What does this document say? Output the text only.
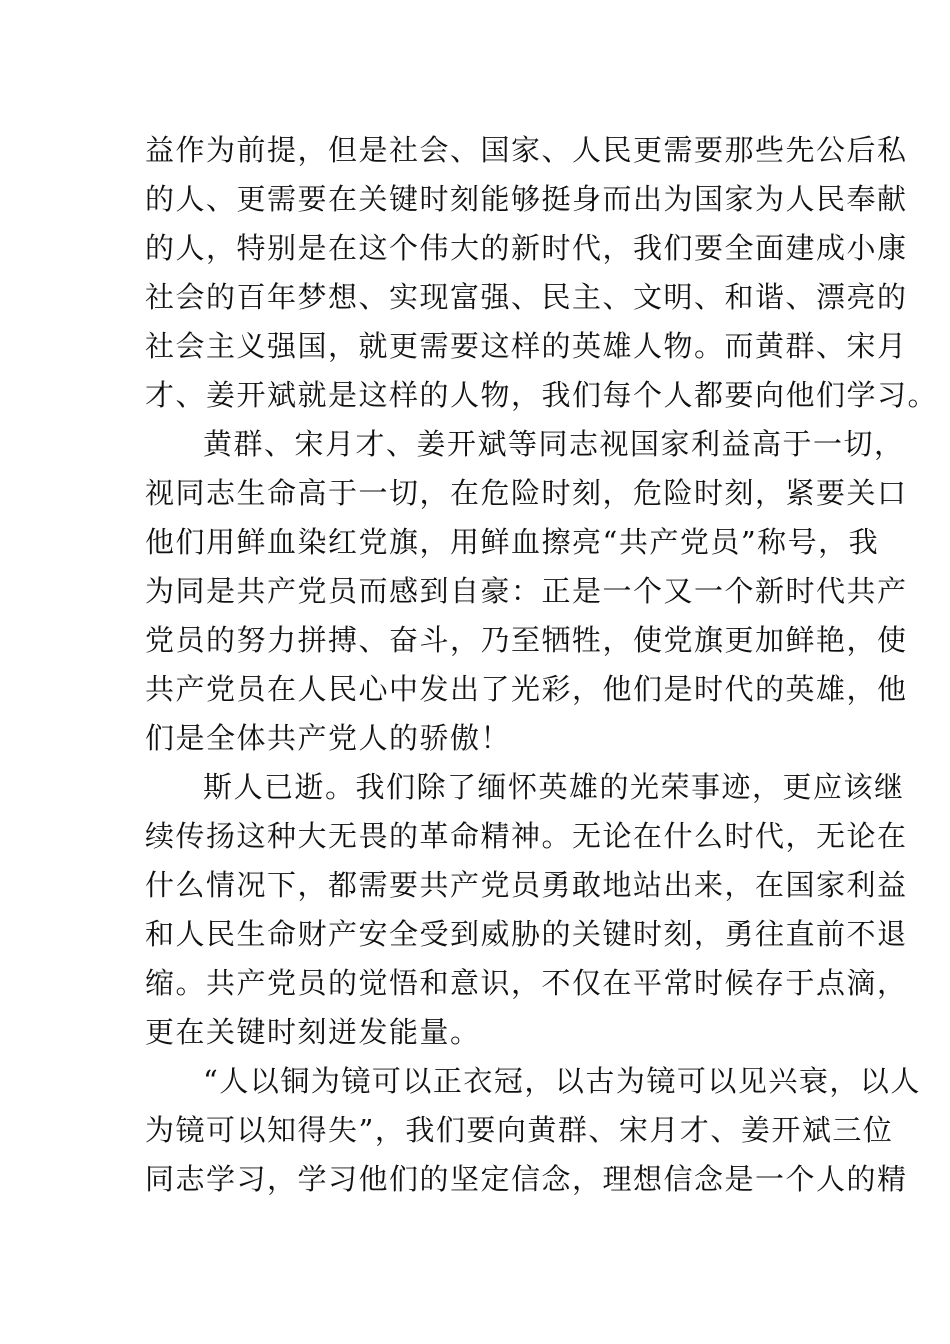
益作为前提，但是社会、国家、人民更需要那些先公后私
的人、更需要在关键时刻能够挺身而出为国家为人民奉献
的人，特别是在这个伟大的新时代，我们要全面建成小康
社会的百年梦想、实现富强、民主、文明、和谐、漂亮的
社会主义强国，就更需要这样的英雄人物。而黄群、宋月
才、姜开斌就是这样的人物，我们每个人都要向他们学习。
黄群、宋月才、姜开斌等同志视国家利益高于一切，
视同志生命高于一切，在危险时刻，危险时刻，紧要关口
他们用鲜血染红党旗，用鲜血擦亮“共产党员”称号，我
为同是共产党员而感到自豪：正是一个又一个新时代共产
党员的努力拼搏、奋斗，乃至牺牲，使党旗更加鲜艳，使
共产党员在人民心中发出了光彩，他们是时代的英雄，他
们是全体共产党人的骄傲！
斯人已逝。我们除了缅怀英雄的光荣事迹，更应该继
续传扬这种大无畏的革命精神。无论在什么时代，无论在
什么情况下，都需要共产党员勇敢地站出来，在国家利益
和人民生命财产安全受到威胁的关键时刻，勇往直前不退
缩。共产党员的觉悟和意识，不仅在平常时候存于点滴，
更在关键时刻迸发能量。
“人以铜为镜可以正衣冠，以古为镜可以见兴衰，以人
为镜可以知得失”，我们要向黄群、宋月才、姜开斌三位
同志学习，学习他们的坚定信念，理想信念是一个人的精
